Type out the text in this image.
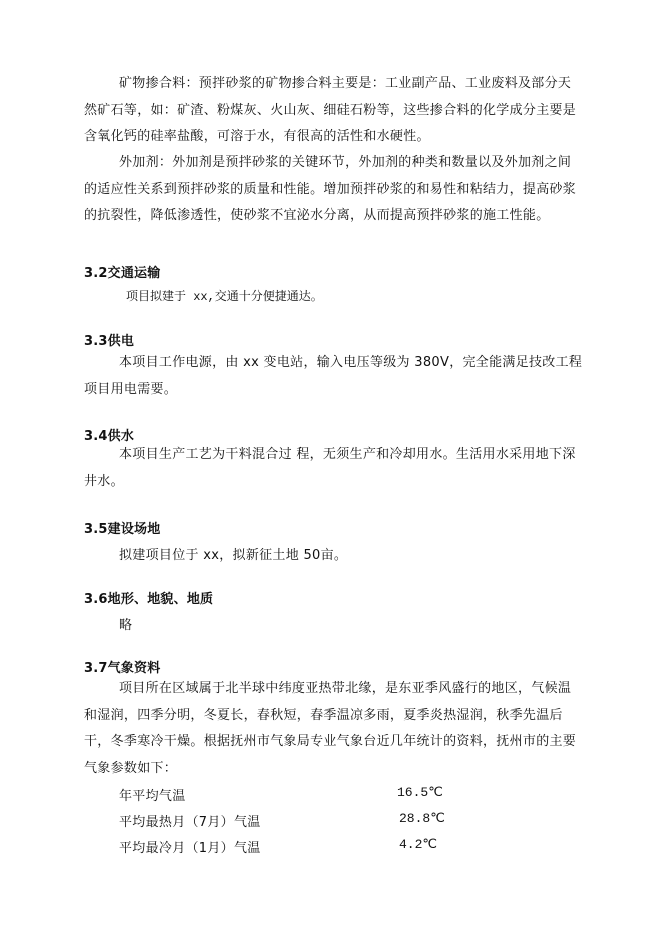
矿物掺合料：预拌砂浆的矿物掺合料主要是：工业副产品、工业废料及部分天然矿石等，如：矿渣、粉煤灰、火山灰、细硅石粉等，这些掺合料的化学成分主要是含氧化钙的硅率盐酸，可溶于水，有很高的活性和水硬性。
外加剂：外加剂是预拌砂浆的关键环节，外加剂的种类和数量以及外加剂之间的适应性关系到预拌砂浆的质量和性能。增加预拌砂浆的和易性和粘结力，提高砂浆的抗裂性，降低渗透性，使砂浆不宜泌水分离，从而提高预拌砂浆的施工性能。
3.2交通运输
项目拟建于 xx,交通十分便捷通达。
3.3供电
本项目工作电源，由 xx 变电站，输入电压等级为 380V，完全能满足技改工程项目用电需要。
3.4供水
本项目生产工艺为干料混合过 程，无须生产和冷却用水。生活用水采用地下深井水。
3.5建设场地
拟建项目位于 xx，拟新征土地 50亩。
3.6地形、地貌、地质
略
3.7气象资料
项目所在区域属于北半球中纬度亚热带北缘，是东亚季风盛行的地区，气候温和湿润，四季分明，冬夏长，春秋短，春季温凉多雨，夏季炎热湿润，秋季先温后干，冬季寒冷干燥。根据抚州市气象局专业气象台近几年统计的资料，抚州市的主要气象参数如下：
年平均气温	16.5℃
平均最热月（7月）气温	28.8℃
平均最冷月（1月）气温	4.2℃
